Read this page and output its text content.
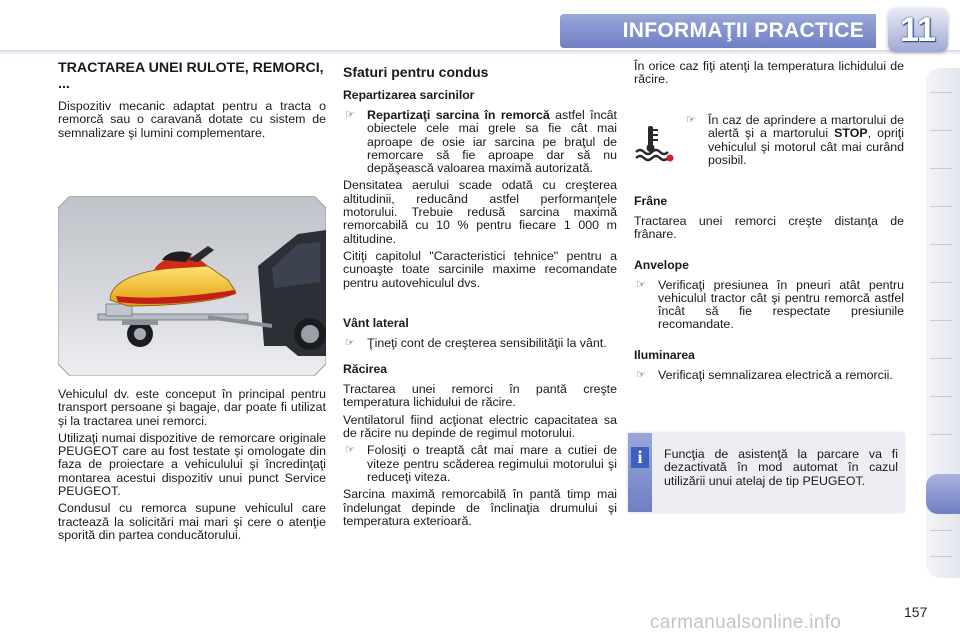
INFORMAŢII PRACTICE	11
TRACTAREA UNEI RULOTE, REMORCI, ...

Dispozitiv mecanic adaptat pentru a tracta o remorcă sau o caravană dotate cu sistem de semnalizare şi lumini complementare.

Vehiculul dv. este conceput în principal pentru transport persoane şi bagaje, dar poate fi utilizat şi la tractarea unei remorci.

Utilizaţi numai dispozitive de remorcare originale PEUGEOT care au fost testate şi omologate din faza de proiectare a vehiculului şi încredinţaţi montarea acestui dispozitiv unui punct Service PEUGEOT.

Condusul cu remorca supune vehiculul care tractează la solicitări mai mari şi cere o atenţie sporită din partea conducătorului.

Sfaturi pentru condus
Repartizarea sarcinilor

☞ Repartizaţi sarcina în remorcă astfel încât obiectele cele mai grele sa fie cât mai aproape de osie iar sarcina pe braţul de remorcare să fie aproape dar să nu depăşească valoarea maximă autorizată.

Densitatea aerului scade odată cu creşterea altitudinii, reducând astfel performanţele motorului. Trebuie redusă sarcina maximă remorcabilă cu 10 % pentru fiecare 1 000 m altitudine.

Citiţi capitolul "Caracteristici tehnice" pentru a cunoaşte toate sarcinile maxime recomandate pentru autovehiculul dvs.

Vânt lateral

☞ Ţineţi cont de creşterea sensibilităţii la vânt.

Răcirea

Tractarea unei remorci în pantă creşte temperatura lichidului de răcire.

Ventilatorul fiind acţionat electric capacitatea sa de răcire nu depinde de regimul motorului.

☞ Folosiţi o treaptă cât mai mare a cutiei de viteze pentru scăderea regimului motorului şi reduceţi viteza.

Sarcina maximă remorcabilă în pantă timp mai îndelungat depinde de înclinaţia drumului şi temperatura exterioară.

În orice caz fiţi atenţi la temperatura lichidului de răcire.

☞ În caz de aprindere a martorului de alertă şi a martorului STOP, opriţi vehiculul şi motorul cât mai curând posibil.

Frâne

Tractarea unei remorci creşte distanţa de frânare.

Anvelope

☞ Verificaţi presiunea în pneuri atât pentru vehiculul tractor cât şi pentru remorcă astfel încât să fie respectate presiunile recomandate.

Iluminarea

☞ Verificaţi semnalizarea electrică a remorcii.

i	Funcţia de asistenţă la parcare va fi dezactivată în mod automat în cazul utilizării unui atelaj de tip PEUGEOT.
carmanualsonline.info	157
